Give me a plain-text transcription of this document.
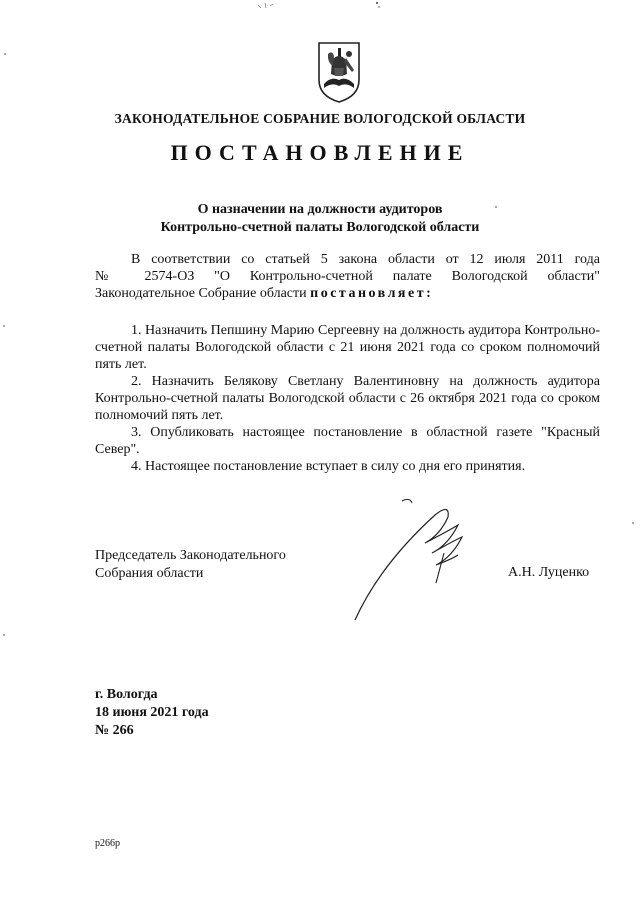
ЗАКОНОДАТЕЛЬНОЕ СОБРАНИЕ ВОЛОГОДСКОЙ ОБЛАСТИ
ПОСТАНОВЛЕНИЕ
О назначении на должности аудиторов
Контрольно-счетной палаты Вологодской области

В соответствии со статьей 5 закона области от 12 июля 2011 года

№ 2574-ОЗ "О Контрольно-счетной палате Вологодской области"

Законодательное Собрание области постановляет:

1. Назначить Пепшину Марию Сергеевну на должность аудитора Контрольно-счетной палаты Вологодской области с 21 июня 2021 года со сроком полномочий пять лет.

2. Назначить Белякову Светлану Валентиновну на должность аудитора Контрольно-счетной палаты Вологодской области с 26 октября 2021 года со сроком полномочий пять лет.

3. Опубликовать настоящее постановление в областной газете "Красный Север".

4. Настоящее постановление вступает в силу со дня его принятия.

Председатель Законодательного
Собрания области	А.Н. Луценко
г. Вологда
18 июня 2021 года
№ 266
р266р
